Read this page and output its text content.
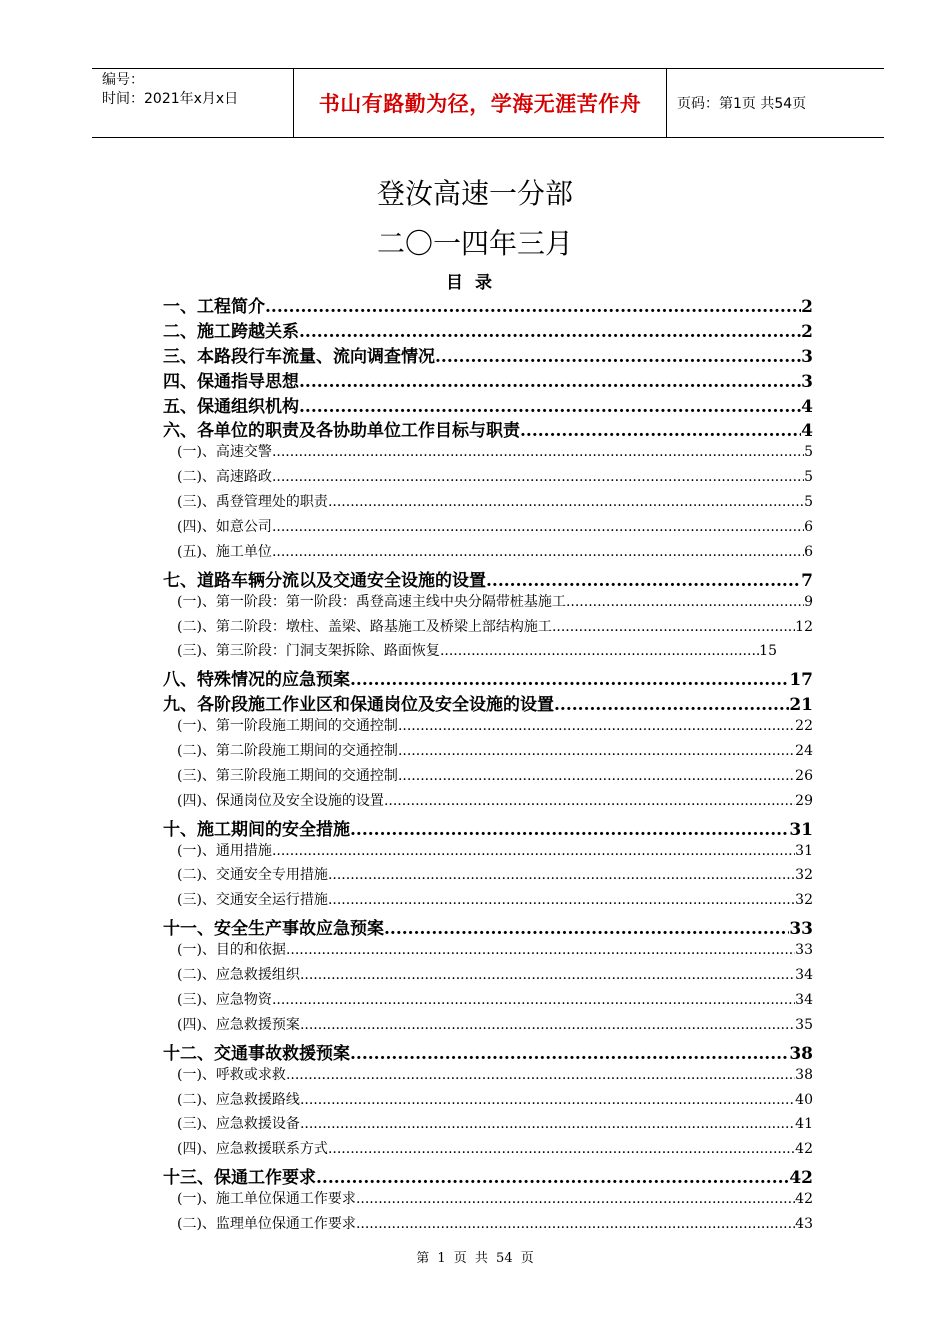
编号：
时间：2021年x月x日	书山有路勤为径，学海无涯苦作舟	页码：第1页 共54页
登汝高速一分部
二〇一四年三月
目录
一、工程简介 .....	2
二、施工跨越关系 .....	2
三、本路段行车流量、流向调查情况 .....	3
四、保通指导思想 .....	3
五、保通组织机构 .....	4
六、各单位的职责及各协助单位工作目标与职责 .....	4
(一)、高速交警 .....	5
(二)、高速路政 .....	5
(三)、禹登管理处的职责 .....	5
(四)、如意公司 .....	6
(五)、施工单位 .....	6
七、道路车辆分流以及交通安全设施的设置 .....	7
(一)、第一阶段：第一阶段：禹登高速主线中央分隔带桩基施工 .....	9
(二)、第二阶段：墩柱、盖梁、路基施工及桥梁上部结构施工 .....	12
(三)、第三阶段：门洞支架拆除、路面恢复 .....	15
八、特殊情况的应急预案 .....	17
九、各阶段施工作业区和保通岗位及安全设施的设置 .....	21
(一)、第一阶段施工期间的交通控制 .....	22
(二)、第二阶段施工期间的交通控制 .....	24
(三)、第三阶段施工期间的交通控制 .....	26
(四)、保通岗位及安全设施的设置 .....	29
十、施工期间的安全措施 .....	31
(一)、通用措施 .....	31
(二)、交通安全专用措施 .....	32
(三)、交通安全运行措施 .....	32
十一、安全生产事故应急预案 .....	33
(一)、目的和依据 .....	33
(二)、应急救援组织 .....	34
(三)、应急物资 .....	34
(四)、应急救援预案 .....	35
十二、交通事故救援预案 .....	38
(一)、呼救或求救 .....	38
(二)、应急救援路线 .....	40
(三)、应急救援设备 .....	41
(四)、应急救援联系方式 .....	42
十三、保通工作要求 .....	42
(一)、施工单位保通工作要求 .....	42
(二)、监理单位保通工作要求 .....	43
第 1 页 共 54 页
